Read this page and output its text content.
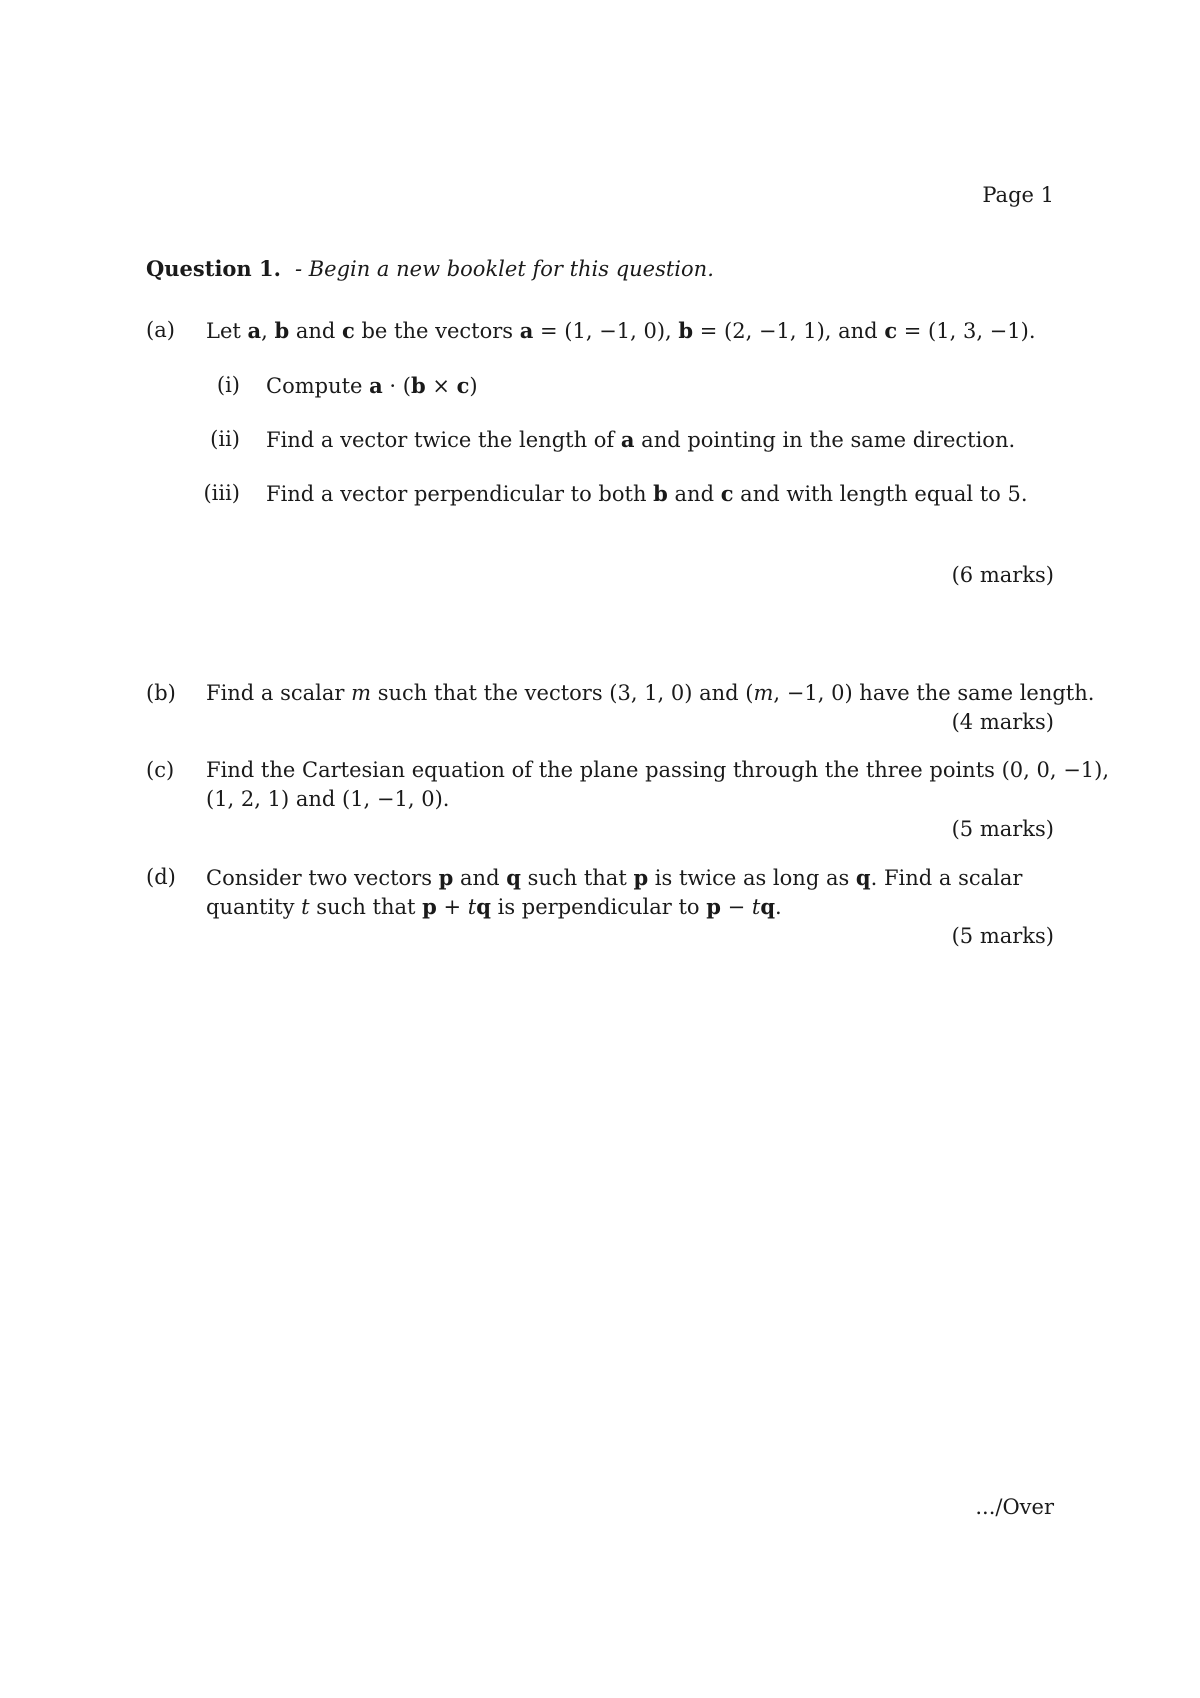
Page 1
Question 1. - Begin a new booklet for this question.
(a) Let a, b and c be the vectors a = (1, −1, 0), b = (2, −1, 1), and c = (1, 3, −1).
(i) Compute a · (b × c)
(ii) Find a vector twice the length of a and pointing in the same direction.
(iii) Find a vector perpendicular to both b and c and with length equal to 5.
(6 marks)
(b) Find a scalar m such that the vectors (3, 1, 0) and (m, −1, 0) have the same length.
(4 marks)
(c) Find the Cartesian equation of the plane passing through the three points (0, 0, −1),
(1, 2, 1) and (1, −1, 0).
(5 marks)
(d) Consider two vectors p and q such that p is twice as long as q. Find a scalar
quantity t such that p + tq is perpendicular to p − tq.
(5 marks)
.../Over
